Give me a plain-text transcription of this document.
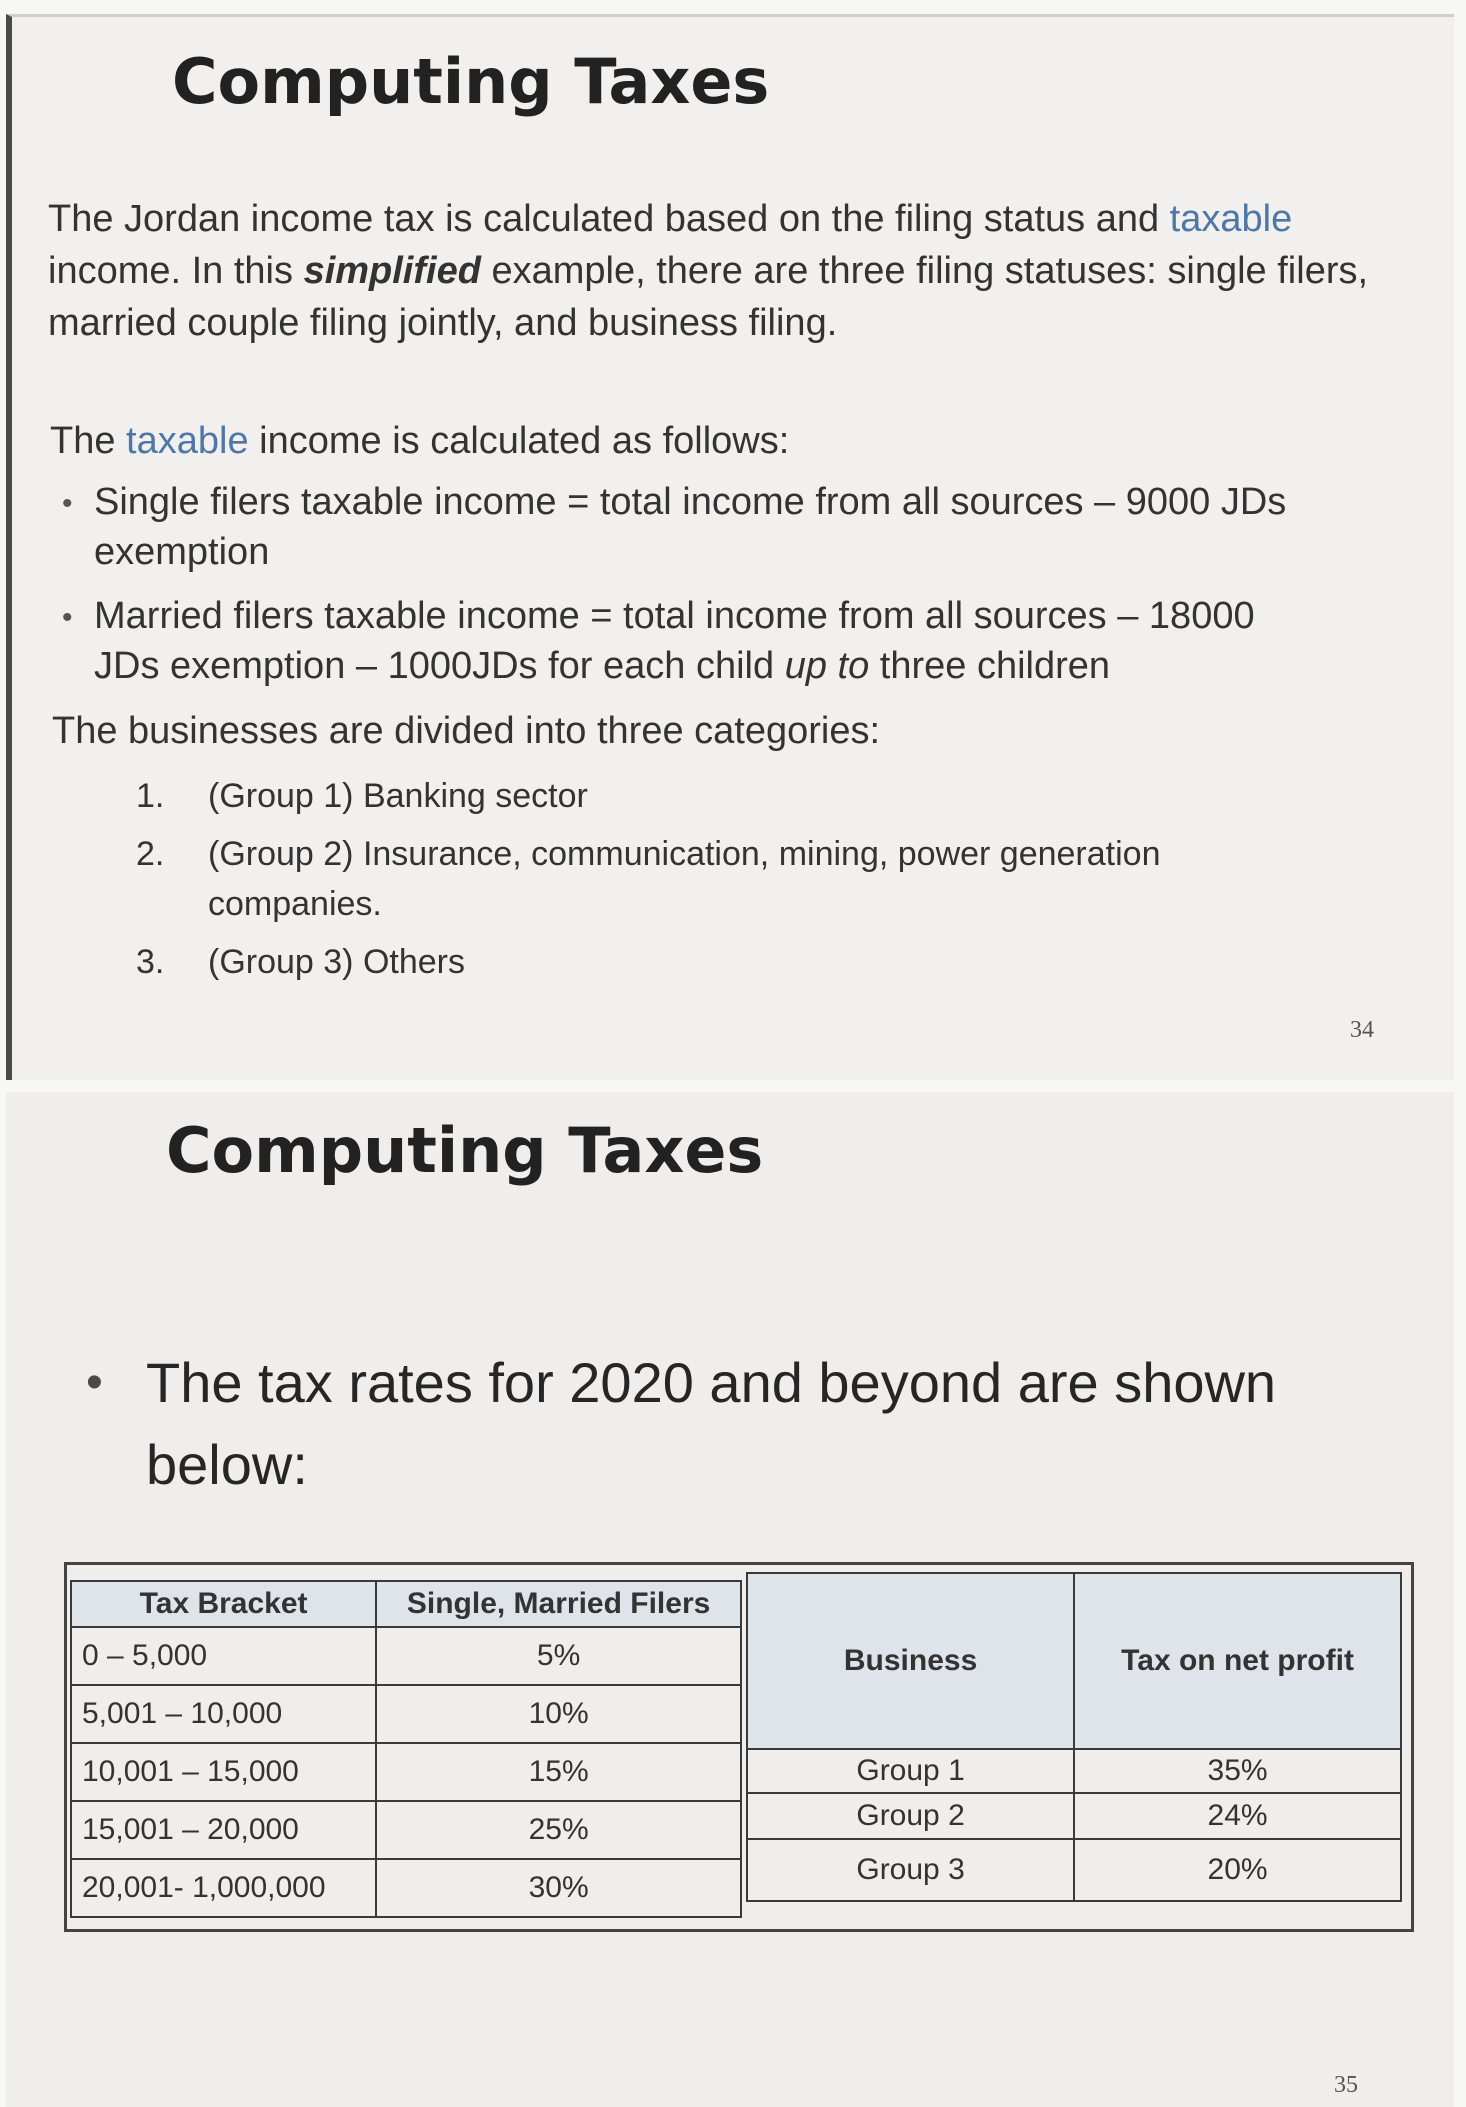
Computing Taxes
The Jordan income tax is calculated based on the filing status and taxable income. In this simplified example, there are three filing statuses: single filers, married couple filing jointly, and business filing.
The taxable income is calculated as follows:
• Single filers taxable income = total income from all sources – 9000 JDs
exemption
• Married filers taxable income = total income from all sources – 18000
JDs exemption – 1000JDs for each child up to three children
The businesses are divided into three categories:
1. (Group 1) Banking sector
2. (Group 2) Insurance, communication, mining, power generation
companies.
3. (Group 3) Others
34
Computing Taxes
• The tax rates for 2020 and beyond are shown below:
Tax Bracket	Single, Married Filers
0 – 5,000	5%
5,001 – 10,000	10%
10,001 – 15,000	15%
15,001 – 20,000	25%
20,001- 1,000,000	30%
Business	Tax on net profit
Group 1	35%
Group 2	24%
Group 3	20%
35
